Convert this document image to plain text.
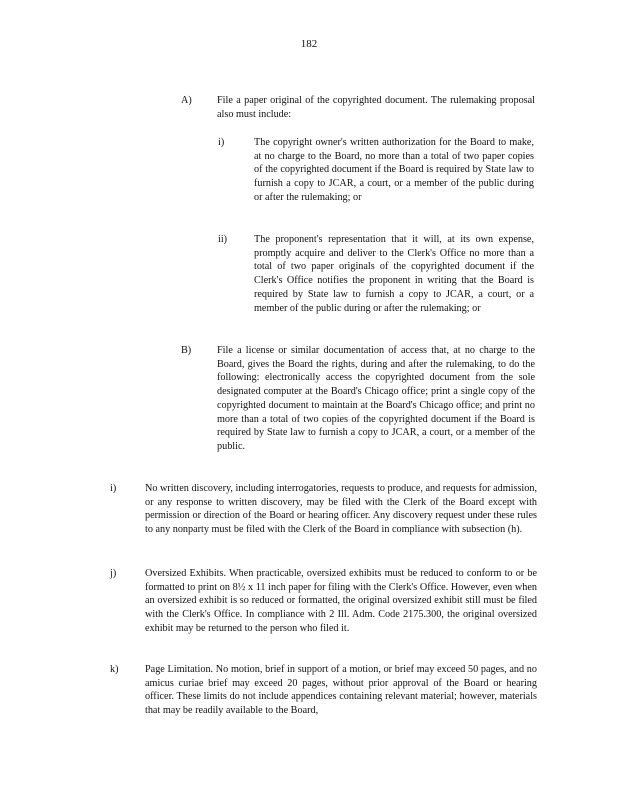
182
A) File a paper original of the copyrighted document. The rulemaking proposal also must include:
i)	The copyright owner's written authorization for the Board to make, at no charge to the Board, no more than a total of two paper copies of the copyrighted document if the Board is required by State law to furnish a copy to JCAR, a court, or a member of the public during or after the rulemaking; or
ii)	The proponent's representation that it will, at its own expense, promptly acquire and deliver to the Clerk's Office no more than a total of two paper originals of the copyrighted document if the Clerk's Office notifies the proponent in writing that the Board is required by State law to furnish a copy to JCAR, a court, or a member of the public during or after the rulemaking; or
B)	File a license or similar documentation of access that, at no charge to the Board, gives the Board the rights, during and after the rulemaking, to do the following: electronically access the copyrighted document from the sole designated computer at the Board's Chicago office; print a single copy of the copyrighted document to maintain at the Board's Chicago office; and print no more than a total of two copies of the copyrighted document if the Board is required by State law to furnish a copy to JCAR, a court, or a member of the public.
i)	No written discovery, including interrogatories, requests to produce, and requests for admission, or any response to written discovery, may be filed with the Clerk of the Board except with permission or direction of the Board or hearing officer. Any discovery request under these rules to any nonparty must be filed with the Clerk of the Board in compliance with subsection (h).
j)	Oversized Exhibits. When practicable, oversized exhibits must be reduced to conform to or be formatted to print on 8½ x 11 inch paper for filing with the Clerk's Office. However, even when an oversized exhibit is so reduced or formatted, the original oversized exhibit still must be filed with the Clerk's Office. In compliance with 2 Ill. Adm. Code 2175.300, the original oversized exhibit may be returned to the person who filed it.
k)	Page Limitation. No motion, brief in support of a motion, or brief may exceed 50 pages, and no amicus curiae brief may exceed 20 pages, without prior approval of the Board or hearing officer. These limits do not include appendices containing relevant material; however, materials that may be readily available to the Board,
